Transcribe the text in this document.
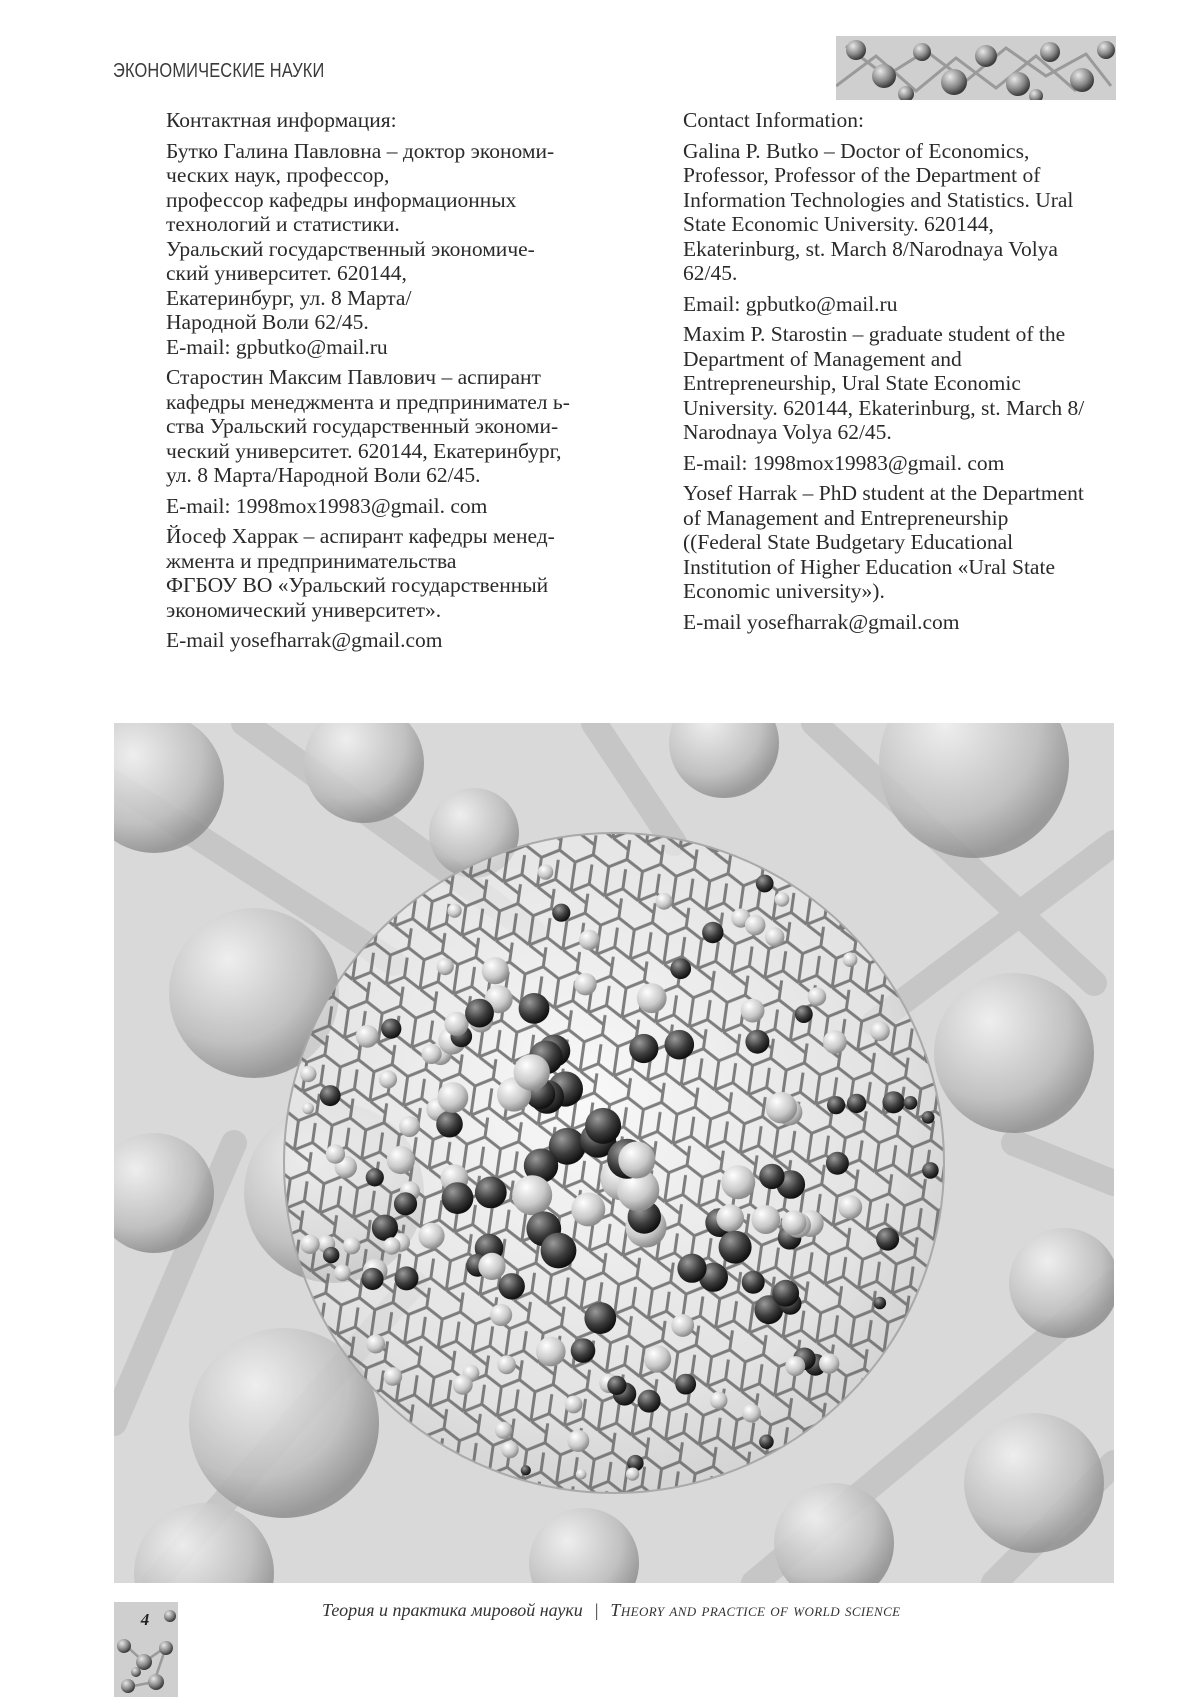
ЭКОНОМИЧЕСКИЕ НАУКИ
Контактная информация:
Бутко Галина Павловна – доктор экономи-
ческих наук, профессор,
профессор кафедры информационных
технологий и статистики.
Уральский государственный экономиче-
ский университет. 620144,
Екатеринбург, ул. 8 Марта/
Народной Воли 62/45.
E-mail: gpbutko@mail.ru
Старостин Максим Павлович – аспирант
кафедры менеджмента и предпринимател ь-
ства Уральский государственный экономи-
ческий университет. 620144, Екатеринбург,
ул. 8 Марта/Народной Воли 62/45.
E-mail: 1998mox19983@gmail. com
Йосеф Харрак – аспирант кафедры менед-
жмента и предпринимательства
ФГБОУ ВО «Уральский государственный
экономический университет».
E-mail yosefharrak@gmail.com
Contact Information:
Galina P. Butko – Doctor of Economics,
Professor, Professor of the Department of
Information Technologies and Statistics. Ural
State Economic University. 620144,
Ekaterinburg, st. March 8/Narodnaya Volya
62/45.
Email: gpbutko@mail.ru
Maxim P. Starostin – graduate student of the
Department of Management and
Entrepreneurship, Ural State Economic
University. 620144, Ekaterinburg, st. March 8/
Narodnaya Volya 62/45.
E-mail: 1998mox19983@gmail. com
Yosef Harrak – PhD student at the Department
of Management and Entrepreneurship
((Federal State Budgetary Educational
Institution of Higher Education «Ural State
Economic university»).
E-mail yosefharrak@gmail.com
4	Теория и практика мировой науки | Theory and practice of world science
